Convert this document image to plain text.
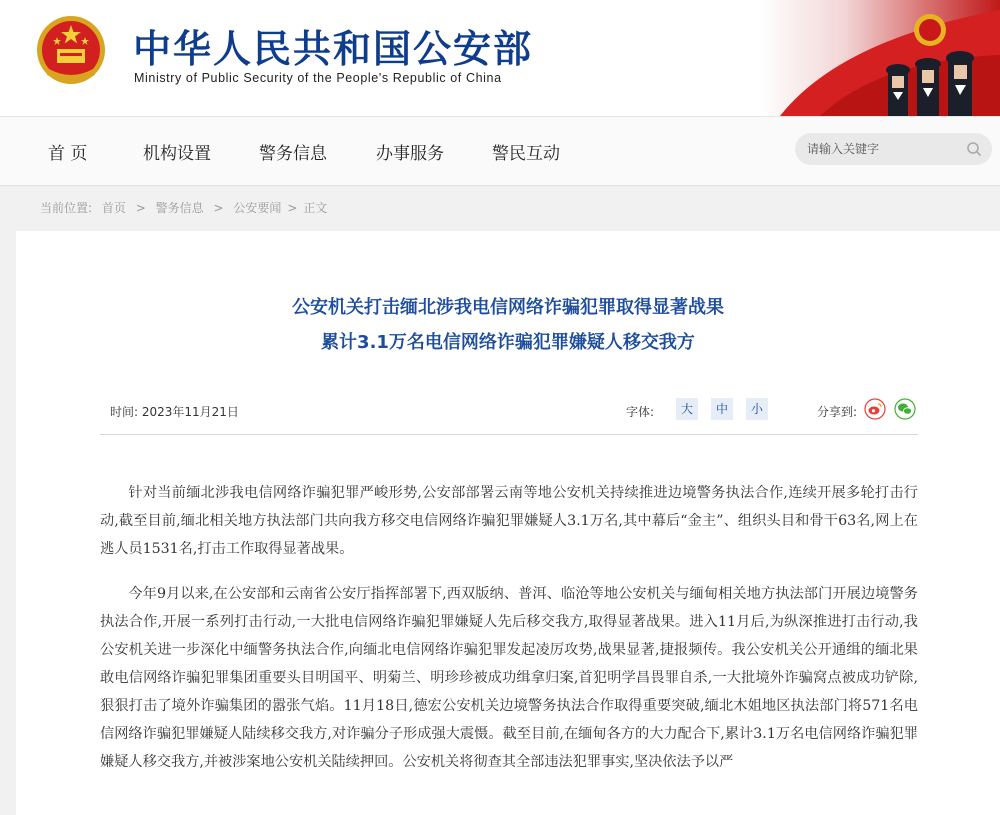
中华人民共和国公安部
Ministry of Public Security of the People's Republic of China
首 页	机构设置	警务信息	办事服务	警民互动
请输入关键字
当前位置: 首页 > 警务信息 > 公安要闻 > 正文
公安机关打击缅北涉我电信网络诈骗犯罪取得显著战果
累计3.1万名电信网络诈骗犯罪嫌疑人移交我方
时间: 2023年11月21日	字体:	大	中	小	分享到:

针对当前缅北涉我电信网络诈骗犯罪严峻形势,公安部部署云南等地公安机关持续推进边境警务执法合作,连续开展多轮打击行动,截至目前,缅北相关地方执法部门共向我方移交电信网络诈骗犯罪嫌疑人3.1万名,其中幕后“金主”、组织头目和骨干63名,网上在逃人员1531名,打击工作取得显著战果。

今年9月以来,在公安部和云南省公安厅指挥部署下,西双版纳、普洱、临沧等地公安机关与缅甸相关地方执法部门开展边境警务执法合作,开展一系列打击行动,一大批电信网络诈骗犯罪嫌疑人先后移交我方,取得显著战果。进入11月后,为纵深推进打击行动,我公安机关进一步深化中缅警务执法合作,向缅北电信网络诈骗犯罪发起凌厉攻势,战果显著,捷报频传。我公安机关公开通缉的缅北果敢电信网络诈骗犯罪集团重要头目明国平、明菊兰、明珍珍被成功缉拿归案,首犯明学昌畏罪自杀,一大批境外诈骗窝点被成功铲除,狠狠打击了境外诈骗集团的嚣张气焰。11月18日,德宏公安机关边境警务执法合作取得重要突破,缅北木姐地区执法部门将571名电信网络诈骗犯罪嫌疑人陆续移交我方,对诈骗分子形成强大震慑。截至目前,在缅甸各方的大力配合下,累计3.1万名电信网络诈骗犯罪嫌疑人移交我方,并被涉案地公安机关陆续押回。公安机关将彻查其全部违法犯罪事实,坚决依法予以严
